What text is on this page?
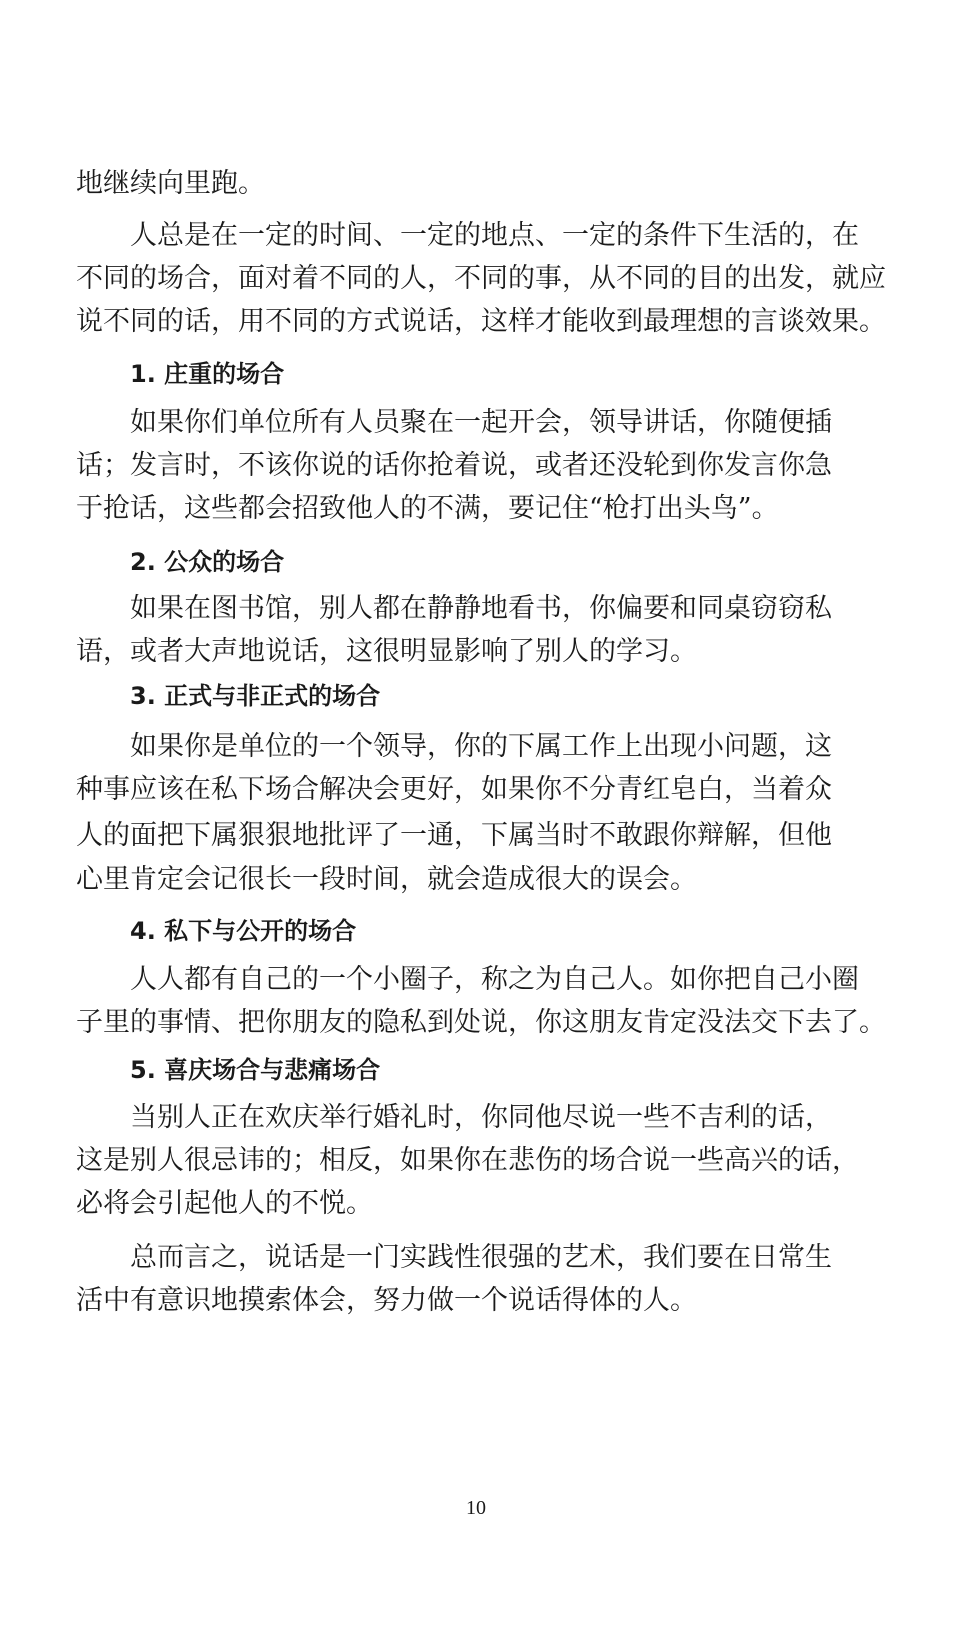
地继续向里跑。
人总是在一定的时间、一定的地点、一定的条件下生活的，在
不同的场合，面对着不同的人，不同的事，从不同的目的出发，就应
说不同的话，用不同的方式说话，这样才能收到最理想的言谈效果。
1. 庄重的场合
如果你们单位所有人员聚在一起开会，领导讲话，你随便插
话；发言时，不该你说的话你抢着说，或者还没轮到你发言你急
于抢话，这些都会招致他人的不满，要记住“枪打出头鸟”。
2. 公众的场合
如果在图书馆，别人都在静静地看书，你偏要和同桌窃窃私
语，或者大声地说话，这很明显影响了别人的学习。
3. 正式与非正式的场合
如果你是单位的一个领导，你的下属工作上出现小问题，这
种事应该在私下场合解决会更好，如果你不分青红皂白，当着众
人的面把下属狠狠地批评了一通，下属当时不敢跟你辩解，但他
心里肯定会记很长一段时间，就会造成很大的误会。
4. 私下与公开的场合
人人都有自己的一个小圈子，称之为自己人。如你把自己小圈
子里的事情、把你朋友的隐私到处说，你这朋友肯定没法交下去了。
5. 喜庆场合与悲痛场合
当别人正在欢庆举行婚礼时，你同他尽说一些不吉利的话，
这是别人很忌讳的；相反，如果你在悲伤的场合说一些高兴的话，
必将会引起他人的不悦。
总而言之，说话是一门实践性很强的艺术，我们要在日常生
活中有意识地摸索体会，努力做一个说话得体的人。
10
